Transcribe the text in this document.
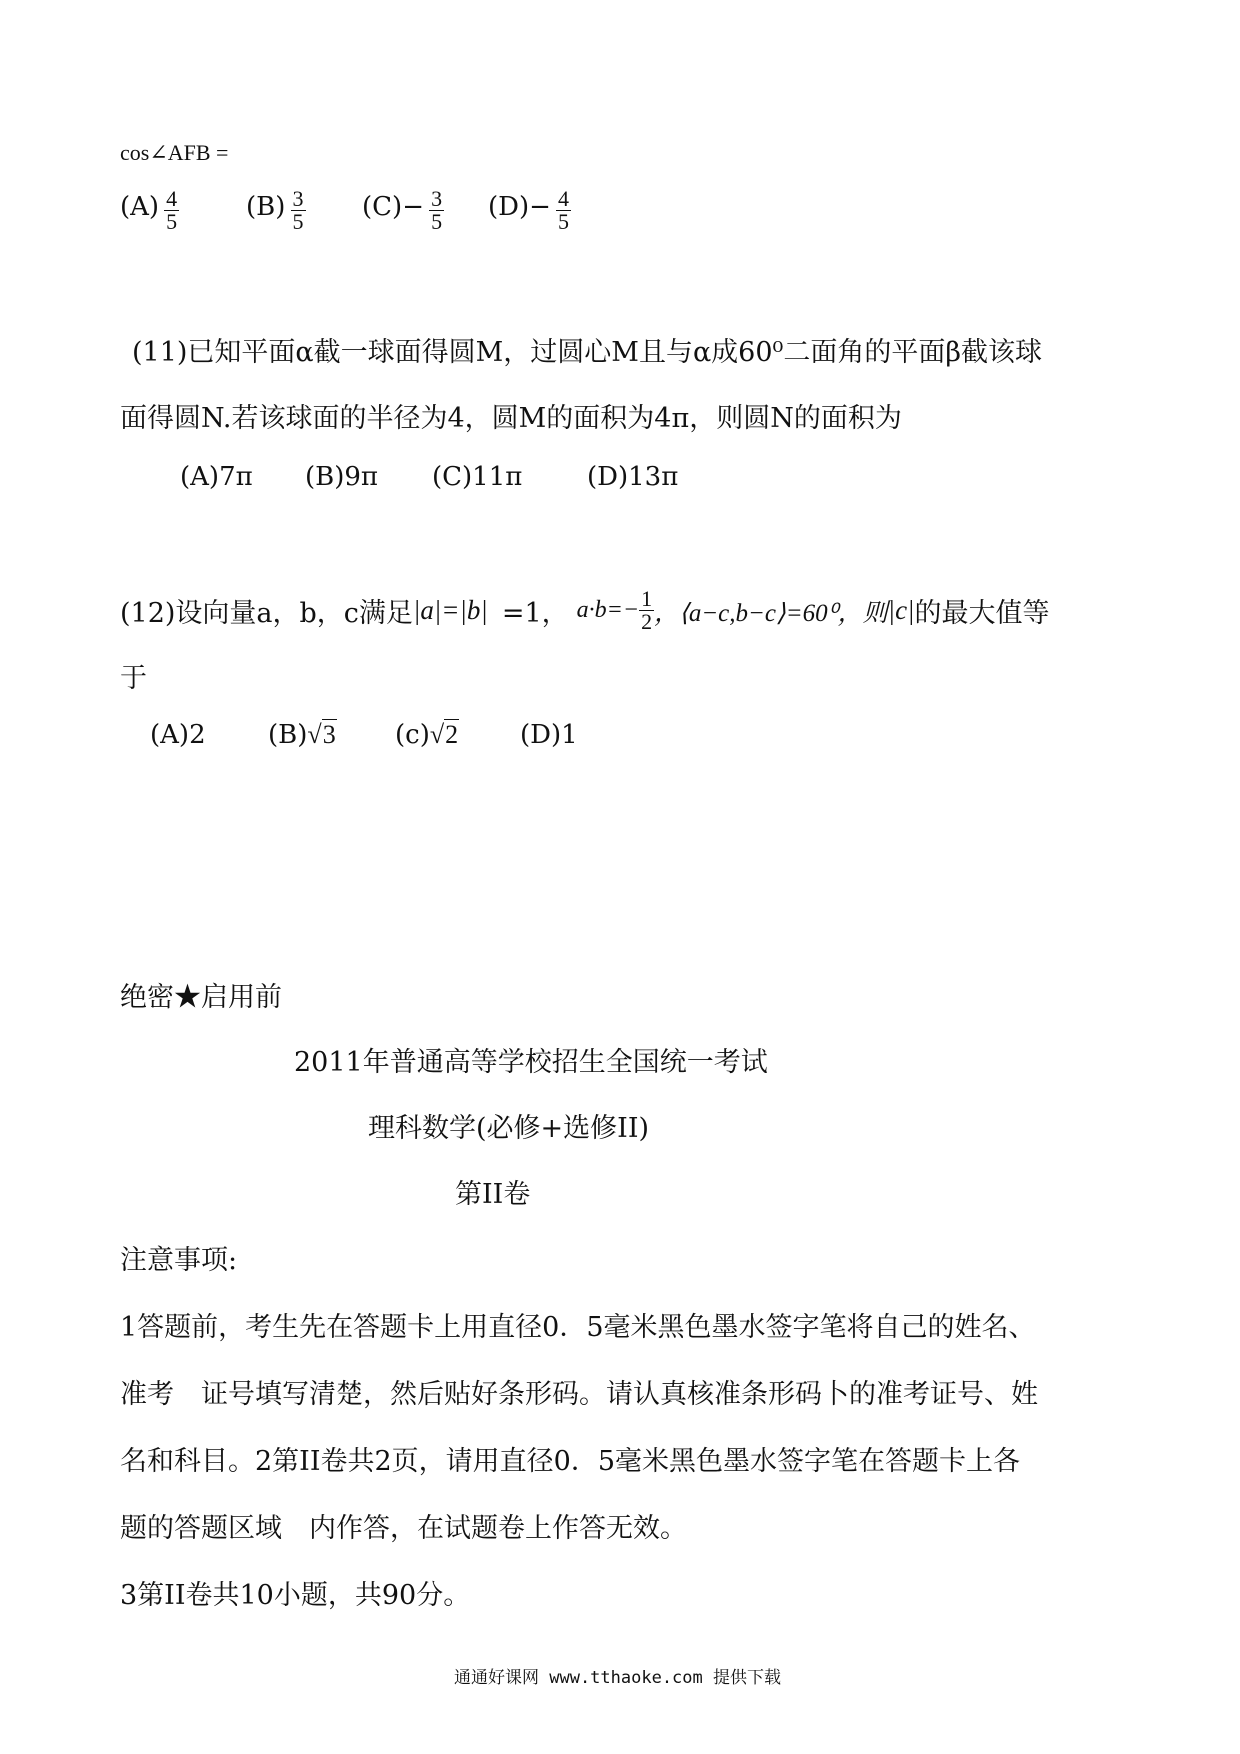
cos∠AFB =
$(A) \frac{4}{5}$	$(B) \frac{3}{5} (C)- \frac{3}{5} (D)- \frac{4}{5}$
(11)已知平面α截一球面得圆M，过圆心M且与α成60⁰二面角的平面β截该球
面得圆N.若该球面的半径为4，圆M的面积为4π，则圆N的面积为
(A)7π (B)9π (C)11π (D)13π
(12)设向量a，b，c满足 |a|=|b| =1， $a\cdot b=- \frac{1}{2}$ ，⟨a−c,b−c⟩=60⁰，则 |c| 的最大值等
于
(A)2 (B)√3 (c)√2 (D)1
绝密★启用前
2011年普通高等学校招生全国统一考试
理科数学(必修+选修II)
第II卷
注意事项:
1答题前，考生先在答题卡上用直径0．5毫米黑色墨水签字笔将自己的姓名、
准考　证号填写清楚，然后贴好条形码。请认真核准条形码卜的准考证号、姓
名和科目。2第II卷共2页，请用直径0．5毫米黑色墨水签字笔在答题卡上各
题的答题区域　内作答，在试题卷上作答无效。
3第II卷共10小题，共90分。
通通好课网 www.tthaoke.com 提供下载
